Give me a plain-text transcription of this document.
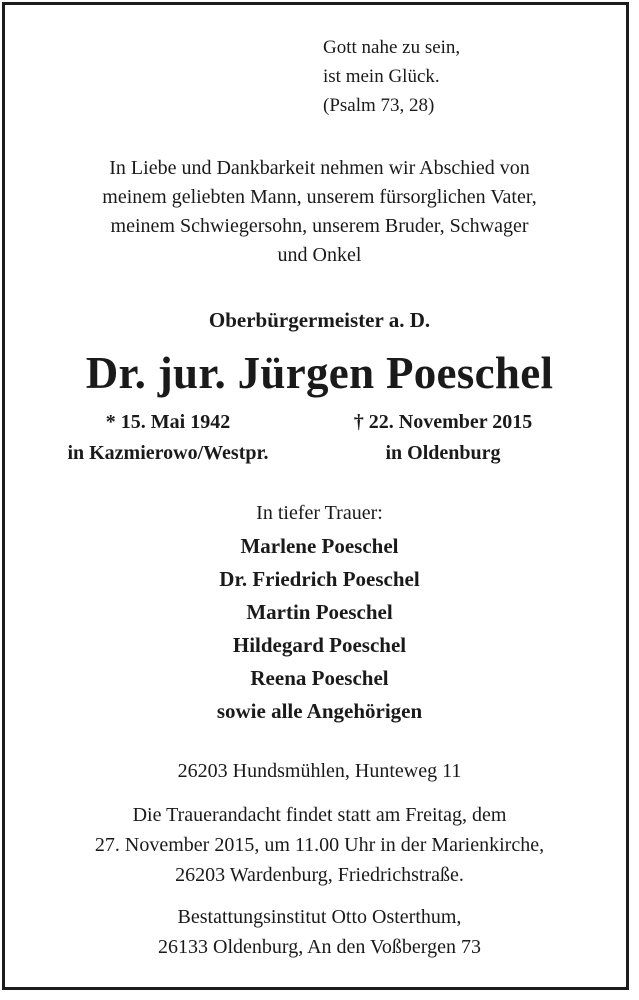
Gott nahe zu sein,
ist mein Glück.
(Psalm 73, 28)
In Liebe und Dankbarkeit nehmen wir Abschied von
meinem geliebten Mann, unserem fürsorglichen Vater,
meinem Schwiegersohn, unserem Bruder, Schwager
und Onkel
Oberbürgermeister a. D.
Dr. jur. Jürgen Poeschel
* 15. Mai 1942
in Kazmierowo/Westpr.
† 22. November 2015
in Oldenburg
In tiefer Trauer:
Marlene Poeschel
Dr. Friedrich Poeschel
Martin Poeschel
Hildegard Poeschel
Reena Poeschel
sowie alle Angehörigen
26203 Hundsmühlen, Hunteweg 11
Die Trauerandacht findet statt am Freitag, dem
27. November 2015, um 11.00 Uhr in der Marienkirche,
26203 Wardenburg, Friedrichstraße.
Bestattungsinstitut Otto Osterthum,
26133 Oldenburg, An den Voßbergen 73
